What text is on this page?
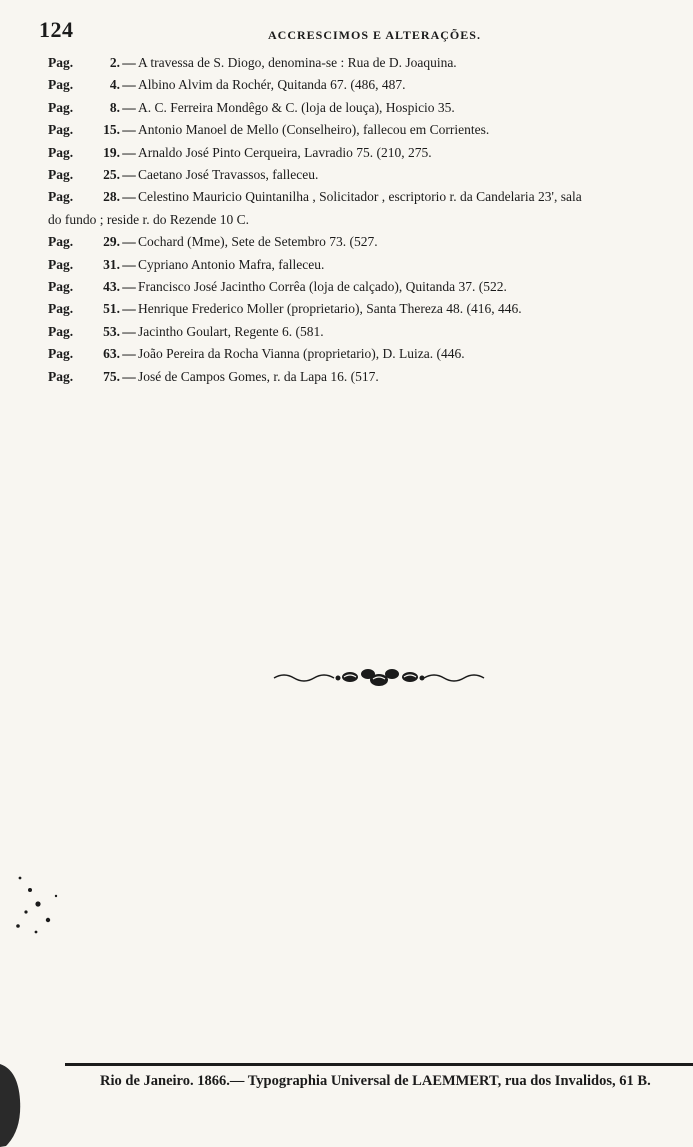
124	ACCRESCIMOS E ALTERAÇÕES.
Pag.	2. — A travessa de S. Diogo, denomina-se : Rua de D. Joaquina.
Pag.	4. — Albino Alvim da Rochér, Quitanda 67. (486, 487.
Pag.	8. — A. C. Ferreira Mondêgo & C. (loja de louça), Hospicio 35.
Pag.	15. — Antonio Manoel de Mello (Conselheiro), fallecou em Corrientes.
Pag.	19. — Arnaldo José Pinto Cerqueira, Lavradio 75. (210, 275.
Pag.	25. — Caetano José Travassos, falleceu.
Pag.	28. — Celestino Mauricio Quintanilha , Solicitador , escriptorio r. da Candelaria 23', sala
do fundo ; reside r. do Rezende 10 C.
Pag.	29. — Cochard (Mme), Sete de Setembro 73. (527.
Pag.	31. — Cypriano Antonio Mafra, falleceu.
Pag.	43. — Francisco José Jacintho Corrêa (loja de calçado), Quitanda 37. (522.
Pag.	51. — Henrique Frederico Moller (proprietario), Santa Thereza 48. (416, 446.
Pag.	53. — Jacintho Goulart, Regente 6. (581.
Pag.	63. — João Pereira da Rocha Vianna (proprietario), D. Luiza. (446.
Pag.	75. — José de Campos Gomes, r. da Lapa 16. (517.
Rio de Janeiro. 1866.— Typographia Universal de LAEMMERT, rua dos Invalidos, 61 B.
